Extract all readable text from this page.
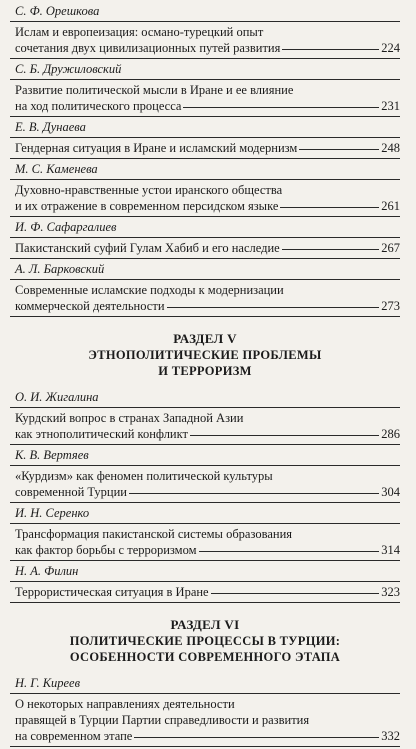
С. Ф. Орешкова
Ислам и европеизация: османо-турецкий опыт
сочетания двух цивилизационных путей развития	224
С. Б. Дружиловский
Развитие политической мысли в Иране и ее влияние
на ход политического процесса	231
Е. В. Дунаева
Гендерная ситуация в Иране и исламский модернизм	248
М. С. Каменева
Духовно-нравственные устои иранского общества
и их отражение в современном персидском языке	261
И. Ф. Сафаргалиев
Пакистанский суфий Гулам Хабиб и его наследие	267
А. Л. Барковский
Современные исламские подходы к модернизации
коммерческой деятельности	273
РАЗДЕЛ V
ЭТНОПОЛИТИЧЕСКИЕ ПРОБЛЕМЫ
И ТЕРРОРИЗМ
О. И. Жигалина
Курдский вопрос в странах Западной Азии
как этнополитический конфликт	286
К. В. Вертяев
«Курдизм» как феномен политической культуры
современной Турции	304
И. Н. Серенко
Трансформация пакистанской системы образования
как фактор борьбы с терроризмом	314
Н. А. Филин
Террористическая ситуация в Иране	323
РАЗДЕЛ VI
ПОЛИТИЧЕСКИЕ ПРОЦЕССЫ В ТУРЦИИ:
ОСОБЕННОСТИ СОВРЕМЕННОГО ЭТАПА
Н. Г. Киреев
О некоторых направлениях деятельности
правящей в Турции Партии справедливости и развития
на современном этапе	332
